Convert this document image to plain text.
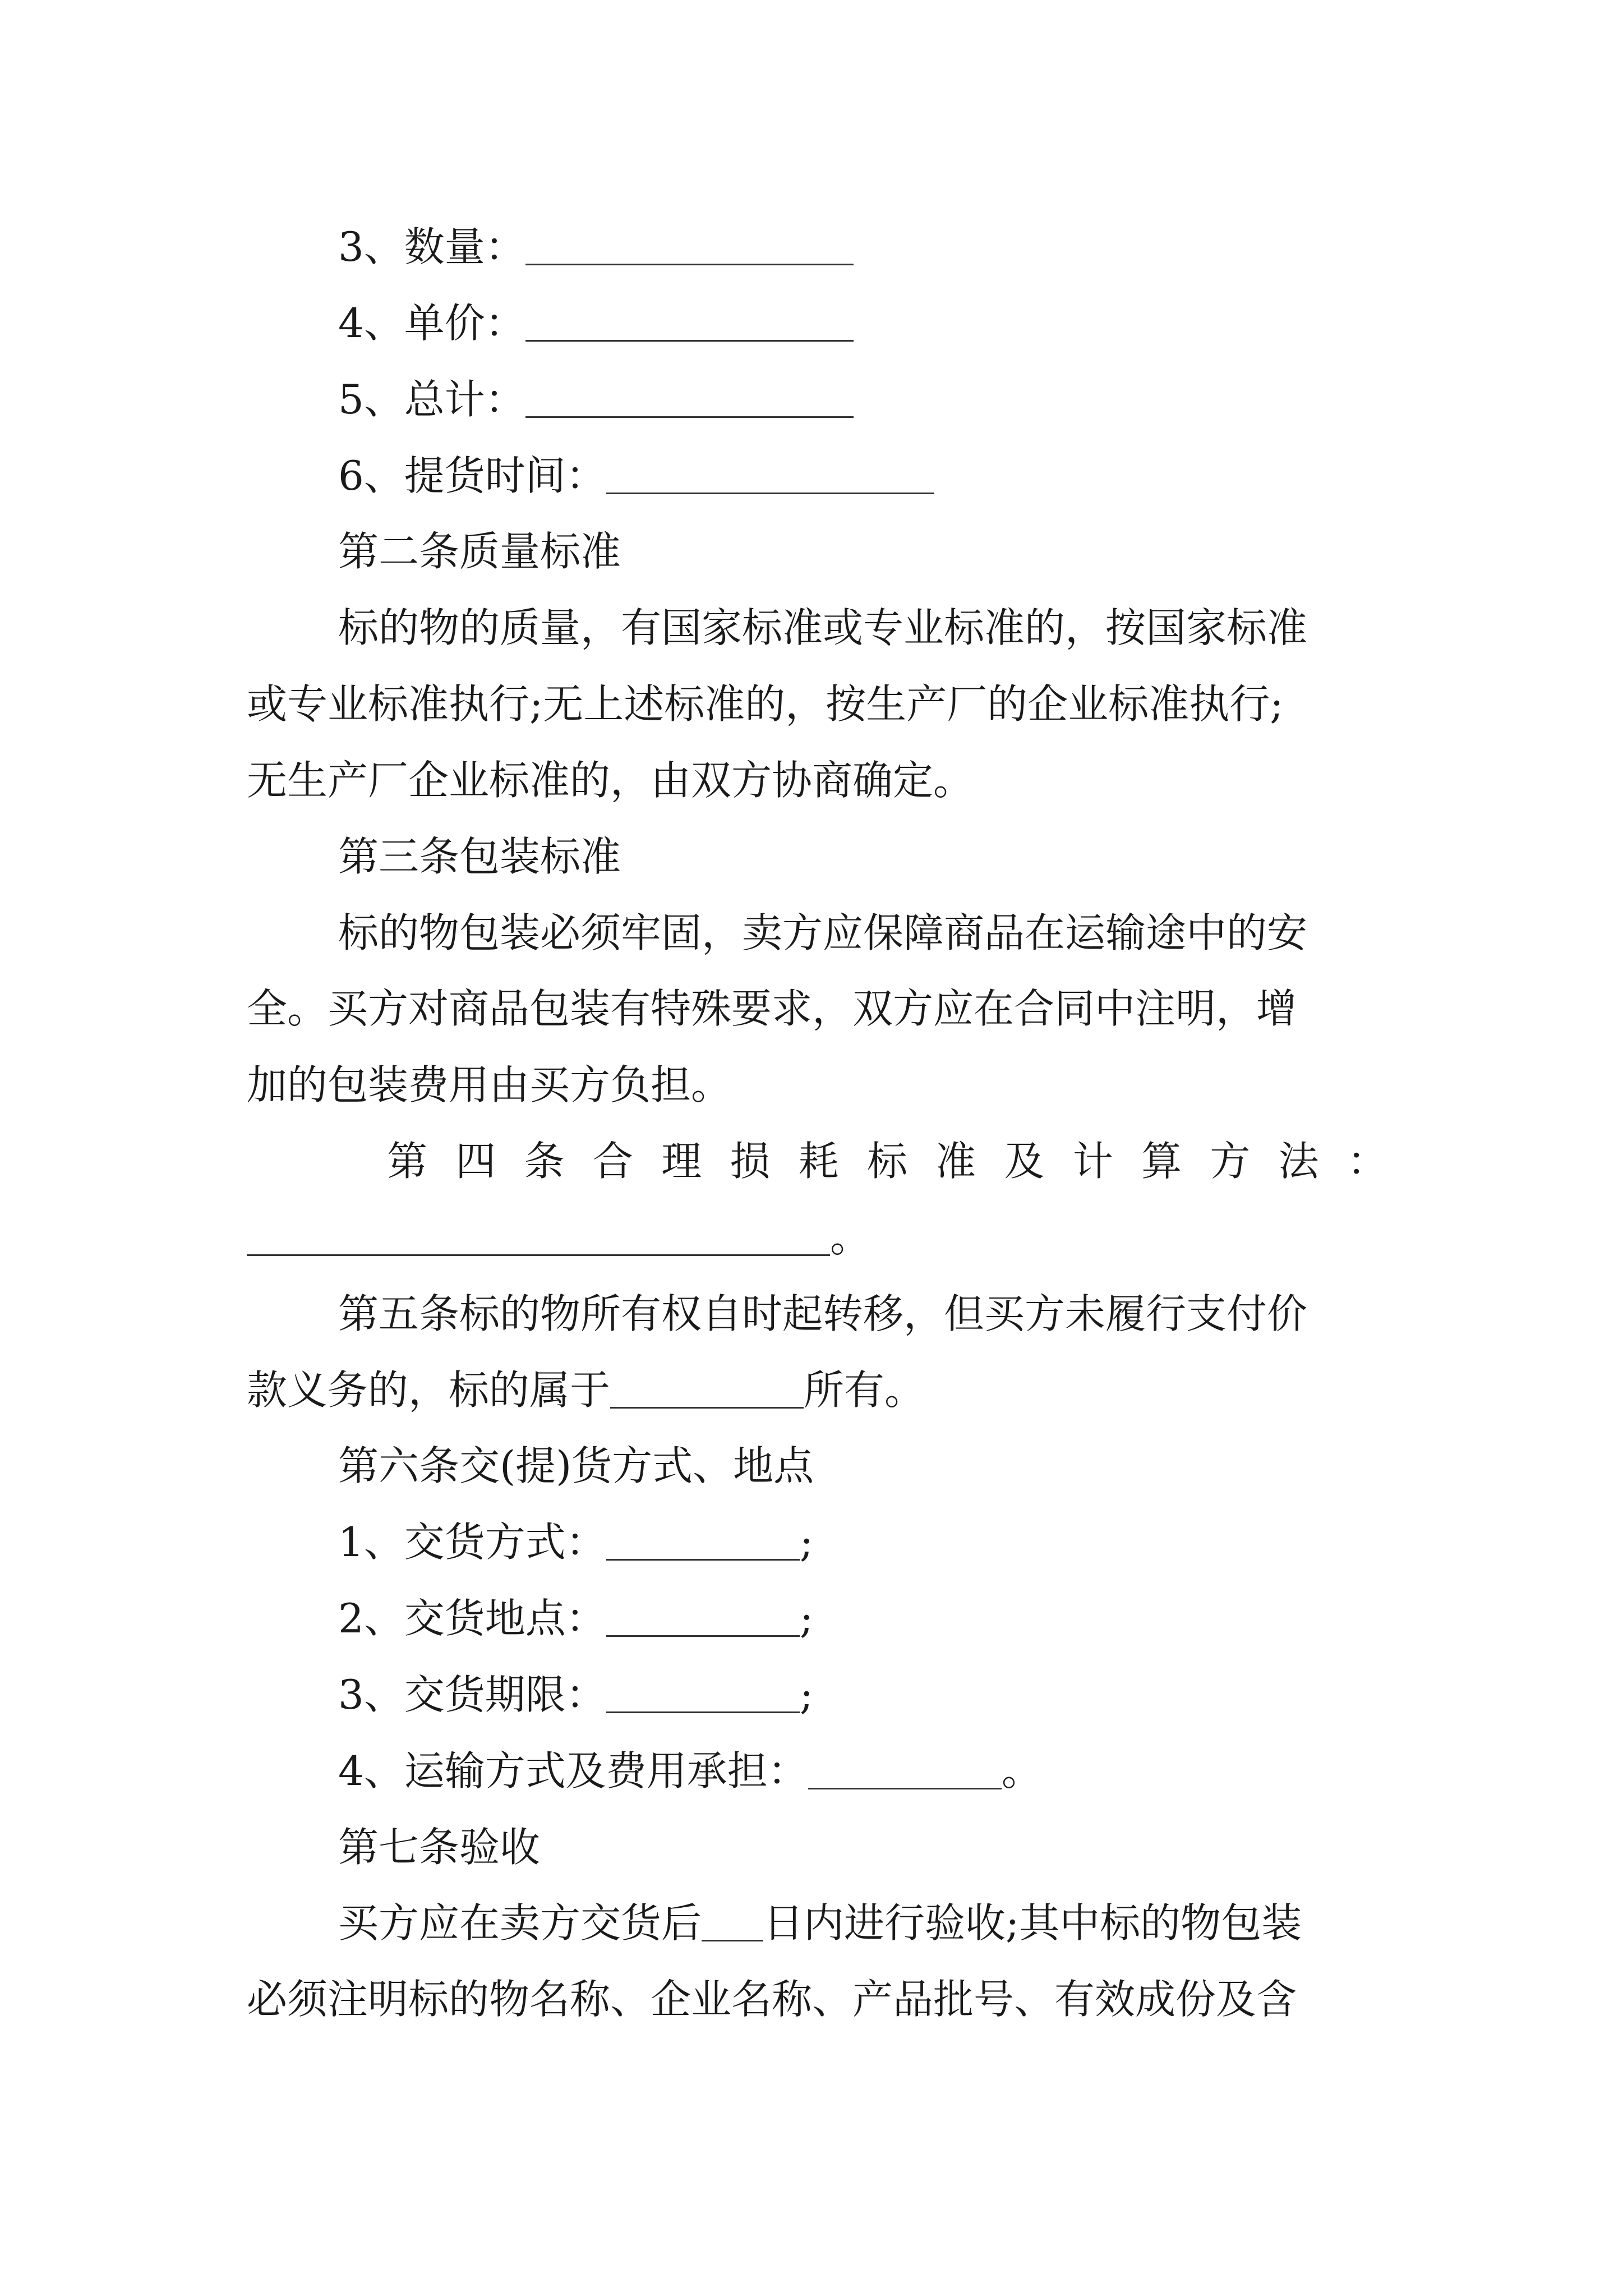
3、数量：
4、单价：
5、总计：
6、提货时间：
第二条质量标准
标的物的质量，有国家标准或专业标准的，按国家标准
或专业标准执行;无上述标准的，按生产厂的企业标准执行;
无生产厂企业标准的，由双方协商确定。
第三条包装标准
标的物包装必须牢固，卖方应保障商品在运输途中的安
全。买方对商品包装有特殊要求，双方应在合同中注明，增
加的包装费用由买方负担。
第 四 条 合 理 损 耗 标 准 及 计 算 方 法 ：
。
第五条标的物所有权自时起转移，但买方未履行支付价
款义务的，标的属于	所有。
第六条交(提)货方式、地点
1、交货方式：	;
2、交货地点：	;
3、交货期限：	;
4、运输方式及费用承担：	。
第七条验收
买方应在卖方交货后 日内进行验收;其中标的物包装
必须注明标的物名称、企业名称、产品批号、有效成份及含
